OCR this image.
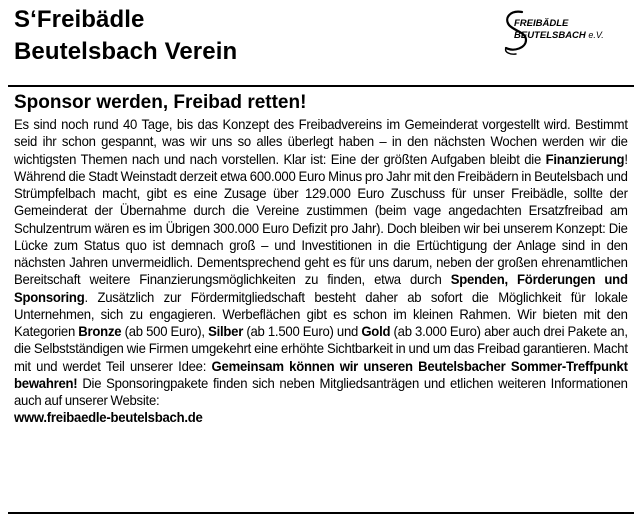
S‘Freibädle
Beutelsbach Verein
FREIBÄDLE
BEUTELSBACH e.V.
Sponsor werden, Freibad retten!

Es sind noch rund 40 Tage, bis das Konzept des Freibadvereins im Gemeinderat vorgestellt wird. Bestimmt seid ihr schon gespannt, was wir uns so alles überlegt haben – in den nächsten Wochen werden wir die wichtigsten Themen nach und nach vorstellen. Klar ist: Eine der größten Aufgaben bleibt die Finanzierung! Während die Stadt Weinstadt derzeit etwa 600.000 Euro Minus pro Jahr mit den Freibädern in Beutelsbach und Strümpfelbach macht, gibt es eine Zusage über 129.000 Euro Zuschuss für unser Freibädle, sollte der Gemeinderat der Übernahme durch die Vereine zustimmen (beim vage angedachten Ersatzfreibad am Schulzentrum wären es im Übrigen 300.000 Euro Defizit pro Jahr). Doch bleiben wir bei unserem Konzept: Die Lücke zum Status quo ist demnach groß – und Investitionen in die Ertüchtigung der Anlage sind in den nächsten Jahren unvermeidlich. Dementsprechend geht es für uns darum, neben der großen ehrenamtlichen Bereitschaft weitere Finanzierungsmöglichkeiten zu finden, etwa durch Spenden, Förderungen und Sponsoring. Zusätzlich zur Fördermitgliedschaft besteht daher ab sofort die Möglichkeit für lokale Unternehmen, sich zu engagieren. Werbeflächen gibt es schon im kleinen Rahmen. Wir bieten mit den Kategorien Bronze (ab 500 Euro), Silber (ab 1.500 Euro) und Gold (ab 3.000 Euro) aber auch drei Pakete an, die Selbstständigen wie Firmen umgekehrt eine erhöhte Sichtbarkeit in und um das Freibad garantieren. Macht mit und werdet Teil unserer Idee: Gemeinsam können wir unseren Beutelsbacher Sommer-Treffpunkt bewahren! Die Sponsoringpakete finden sich neben Mitgliedsanträgen und etlichen weiteren Informationen auch auf unserer Website:
www.freibaedle-beutelsbach.de
